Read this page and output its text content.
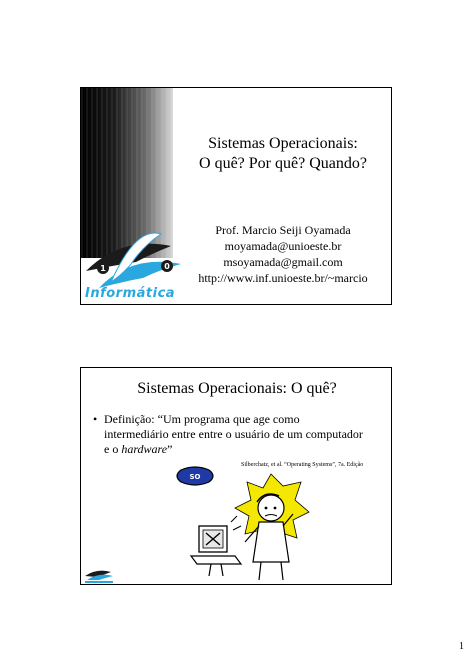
1	0
Informática
Sistemas Operacionais:
O quê? Por quê? Quando?
Prof. Marcio Seiji Oyamada
moyamada@unioeste.br
msoyamada@gmail.com
http://www.inf.unioeste.br/~marcio
Sistemas Operacionais: O quê?
• Definição: “Um programa que age como intermediário entre entre o usuário de um computador e o hardware”
Silberchatz, et al. “Operating Systems”, 7a. Edição
SO
1
